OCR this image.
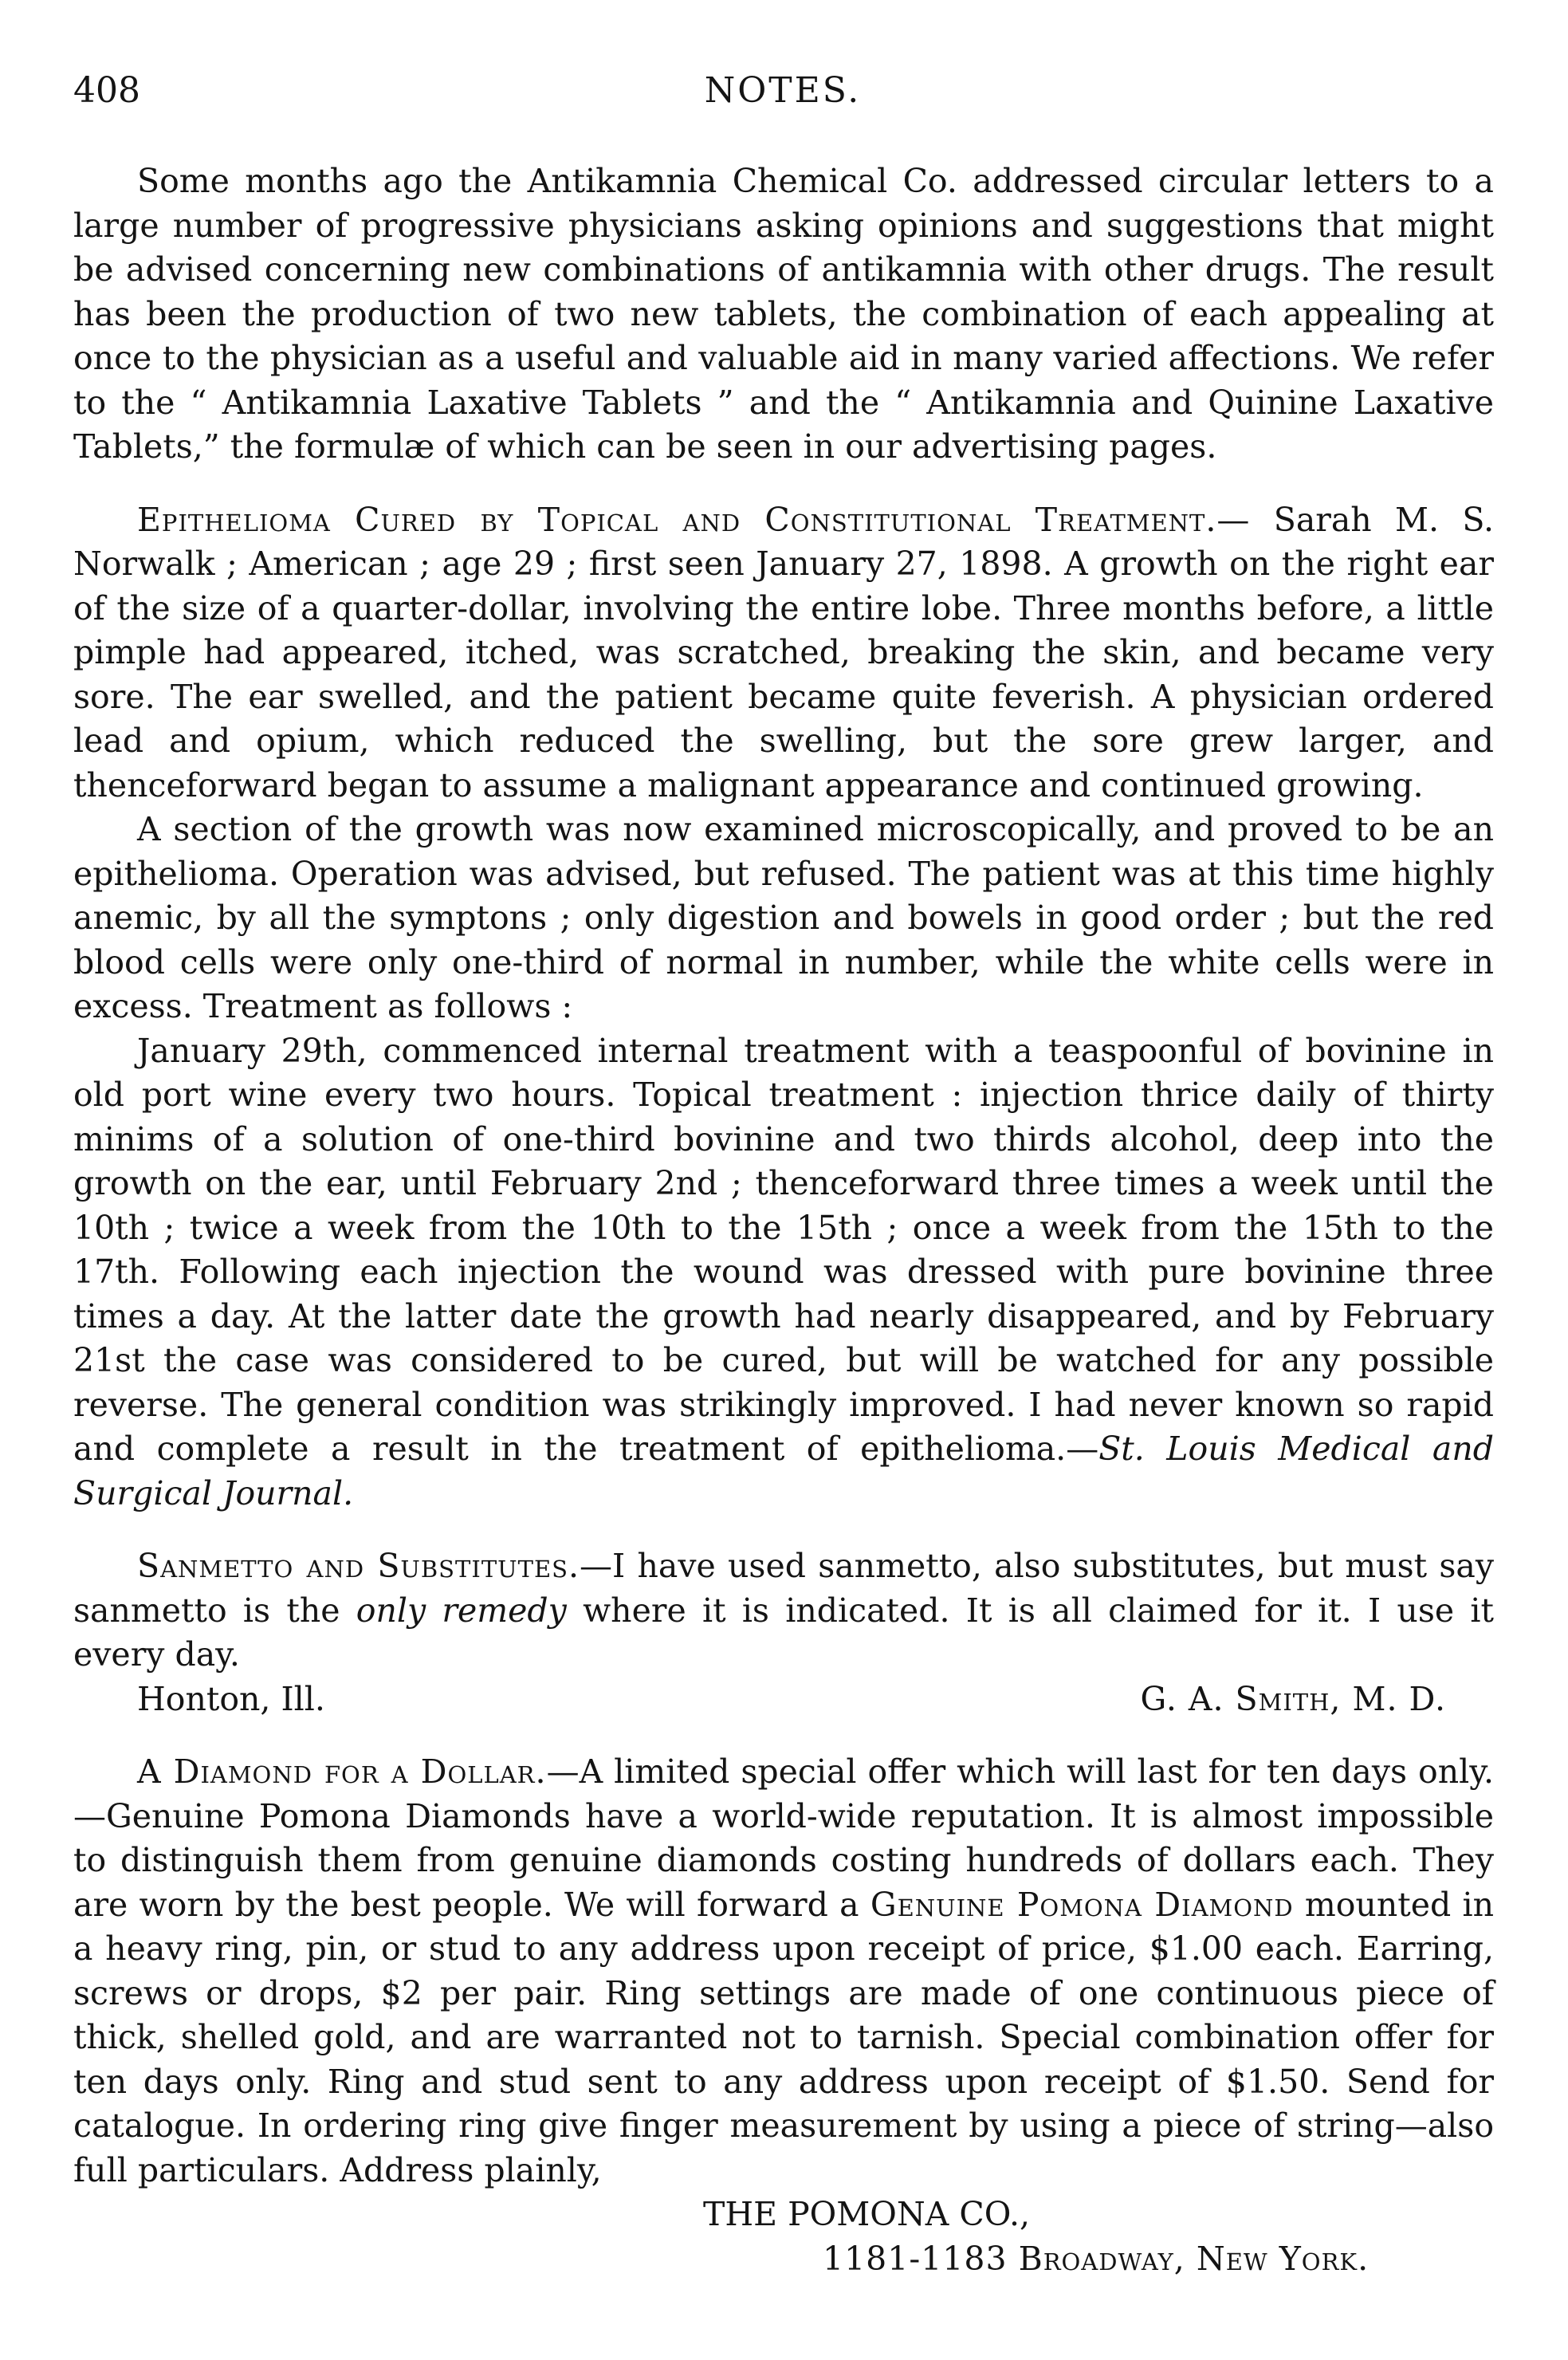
408	NOTES.

Some months ago the Antikamnia Chemical Co. addressed circular letters to a large number of progressive physicians asking opinions and suggestions that might be advised concerning new combinations of antikamnia with other drugs. The result has been the production of two new tablets, the combination of each appealing at once to the physician as a useful and valuable aid in many varied affections. We refer to the “ Antikamnia Laxative Tablets ” and the “ Antikamnia and Quinine Laxative Tablets,” the formulæ of which can be seen in our advertising pages.

Epithelioma Cured by Topical and Constitutional Treatment.— Sarah M. S. Norwalk ; American ; age 29 ; first seen January 27, 1898. A growth on the right ear of the size of a quarter-dollar, involving the entire lobe. Three months before, a little pimple had appeared, itched, was scratched, breaking the skin, and became very sore. The ear swelled, and the patient became quite feverish. A physician ordered lead and opium, which reduced the swelling, but the sore grew larger, and thenceforward began to assume a malignant appearance and continued growing.

A section of the growth was now examined microscopically, and proved to be an epithelioma. Operation was advised, but refused. The patient was at this time highly anemic, by all the symptons ; only digestion and bowels in good order ; but the red blood cells were only one-third of normal in number, while the white cells were in excess. Treatment as follows :

January 29th, commenced internal treatment with a teaspoonful of bovinine in old port wine every two hours. Topical treatment : injection thrice daily of thirty minims of a solution of one-third bovinine and two thirds alcohol, deep into the growth on the ear, until February 2nd ; thenceforward three times a week until the 10th ; twice a week from the 10th to the 15th ; once a week from the 15th to the 17th. Following each injection the wound was dressed with pure bovinine three times a day. At the latter date the growth had nearly disappeared, and by February 21st the case was considered to be cured, but will be watched for any possible reverse. The general condition was strikingly improved. I had never known so rapid and complete a result in the treatment of epithelioma.—St. Louis Medical and Surgical Journal.

Sanmetto and Substitutes.—I have used sanmetto, also substitutes, but must say sanmetto is the only remedy where it is indicated. It is all claimed for it. I use it every day.

Honton, Ill.	G. A. Smith, M. D.

A Diamond for a Dollar.—A limited special offer which will last for ten days only.—Genuine Pomona Diamonds have a world-wide reputation. It is almost impossible to distinguish them from genuine diamonds costing hundreds of dollars each. They are worn by the best people. We will forward a Genuine Pomona Diamond mounted in a heavy ring, pin, or stud to any address upon receipt of price, $1.00 each. Earring, screws or drops, $2 per pair. Ring settings are made of one continuous piece of thick, shelled gold, and are warranted not to tarnish. Special combination offer for ten days only. Ring and stud sent to any address upon receipt of $1.50. Send for catalogue. In ordering ring give finger measurement by using a piece of string—also full particulars. Address plainly,

THE POMONA CO.,
1181-1183 Broadway, New York.
